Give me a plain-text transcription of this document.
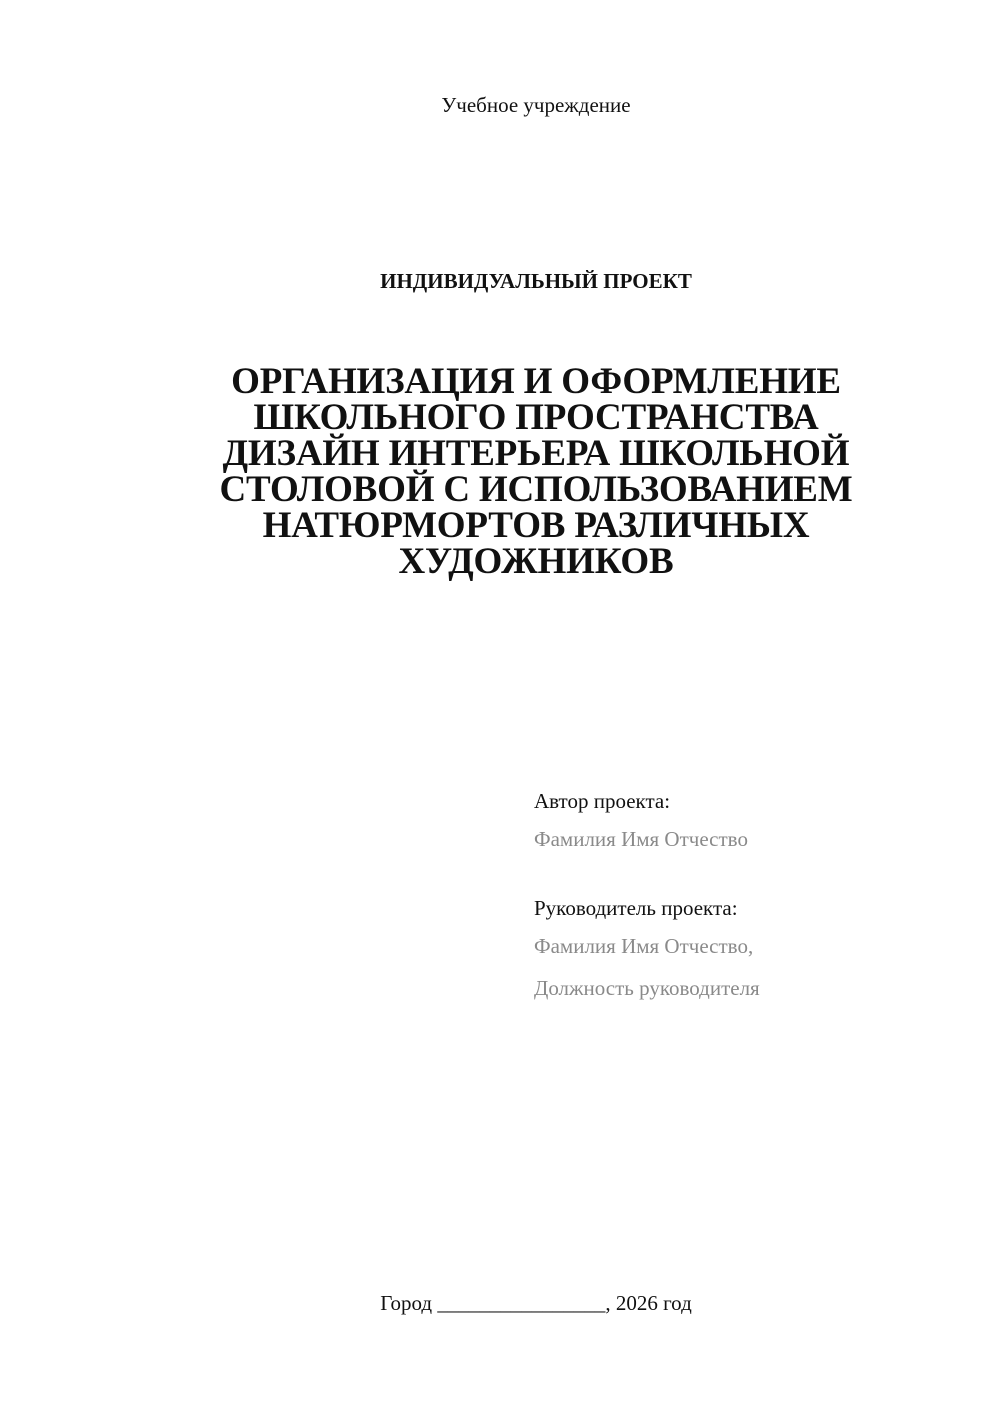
Учебное учреждение
ИНДИВИДУАЛЬНЫЙ ПРОЕКТ
ОРГАНИЗАЦИЯ И ОФОРМЛЕНИЕ
ШКОЛЬНОГО ПРОСТРАНСТВА
ДИЗАЙН ИНТЕРЬЕРА ШКОЛЬНОЙ
СТОЛОВОЙ С ИСПОЛЬЗОВАНИЕМ
НАТЮРМОРТОВ РАЗЛИЧНЫХ
ХУДОЖНИКОВ
Автор проекта:
Фамилия Имя Отчество
Руководитель проекта:
Фамилия Имя Отчество,
Должность руководителя
Город ________________, 2026 год
